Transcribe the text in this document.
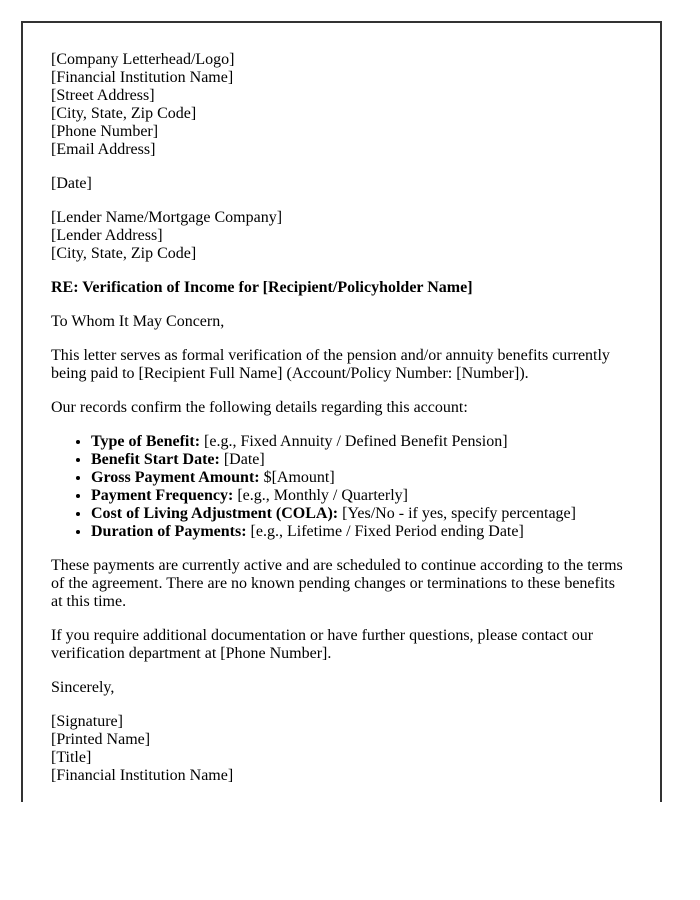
[Company Letterhead/Logo]
[Financial Institution Name]
[Street Address]
[City, State, Zip Code]
[Phone Number]
[Email Address]
[Date]
[Lender Name/Mortgage Company]
[Lender Address]
[City, State, Zip Code]
RE: Verification of Income for [Recipient/Policyholder Name]
To Whom It May Concern,
This letter serves as formal verification of the pension and/or annuity benefits currently being paid to [Recipient Full Name] (Account/Policy Number: [Number]).
Our records confirm the following details regarding this account:
• Type of Benefit: [e.g., Fixed Annuity / Defined Benefit Pension]
• Benefit Start Date: [Date]
• Gross Payment Amount: $[Amount]
• Payment Frequency: [e.g., Monthly / Quarterly]
• Cost of Living Adjustment (COLA): [Yes/No - if yes, specify percentage]
• Duration of Payments: [e.g., Lifetime / Fixed Period ending Date]
These payments are currently active and are scheduled to continue according to the terms of the agreement. There are no known pending changes or terminations to these benefits at this time.
If you require additional documentation or have further questions, please contact our verification department at [Phone Number].
Sincerely,
[Signature]
[Printed Name]
[Title]
[Financial Institution Name]
